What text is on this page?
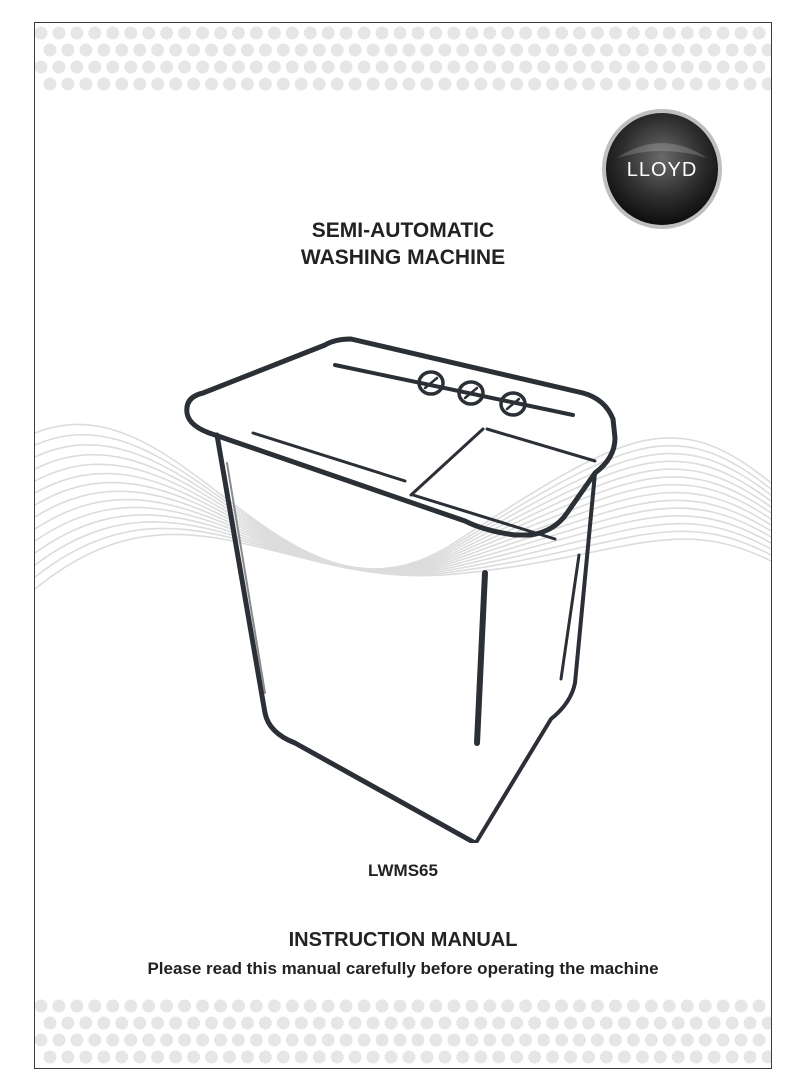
LLOYD
SEMI-AUTOMATIC
WASHING MACHINE
LWMS65
INSTRUCTION MANUAL
Please read this manual carefully before operating the machine
